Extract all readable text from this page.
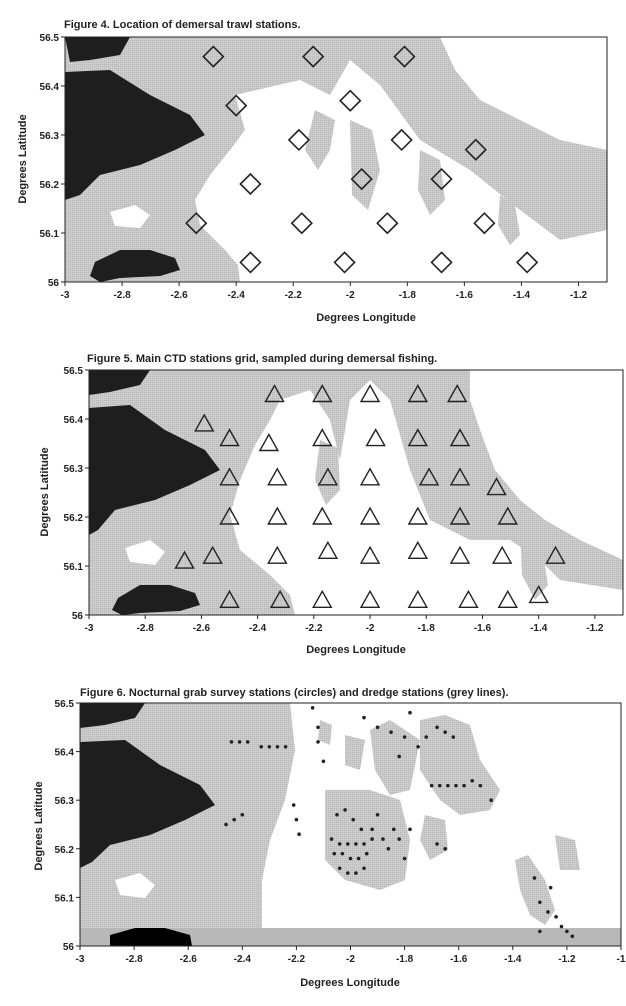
Figure 4. Location of demersal trawl stations.
-3	-2.8	-2.6	-2.4	-2.2	-2	-1.8	-1.6	-1.4	-1.2
56
56.1
56.2
56.3
56.4
56.5
Degrees Longitude
Degrees Latitude
Figure 5. Main CTD stations grid, sampled during demersal fishing.
-3	-2.8	-2.6	-2.4	-2.2	-2	-1.8	-1.6	-1.4	-1.2
56
56.1
56.2
56.3
56.4
56.5
Degrees Longitude
Degrees Latitude
Figure 6. Nocturnal grab survey stations (circles) and dredge stations (grey lines).
-3	-2.8	-2.6	-2.4	-2.2	-2	-1.8	-1.6	-1.4	-1.2	-1
56
56.1
56.2
56.3
56.4
56.5
Degrees Longitude
Degrees Latitude
